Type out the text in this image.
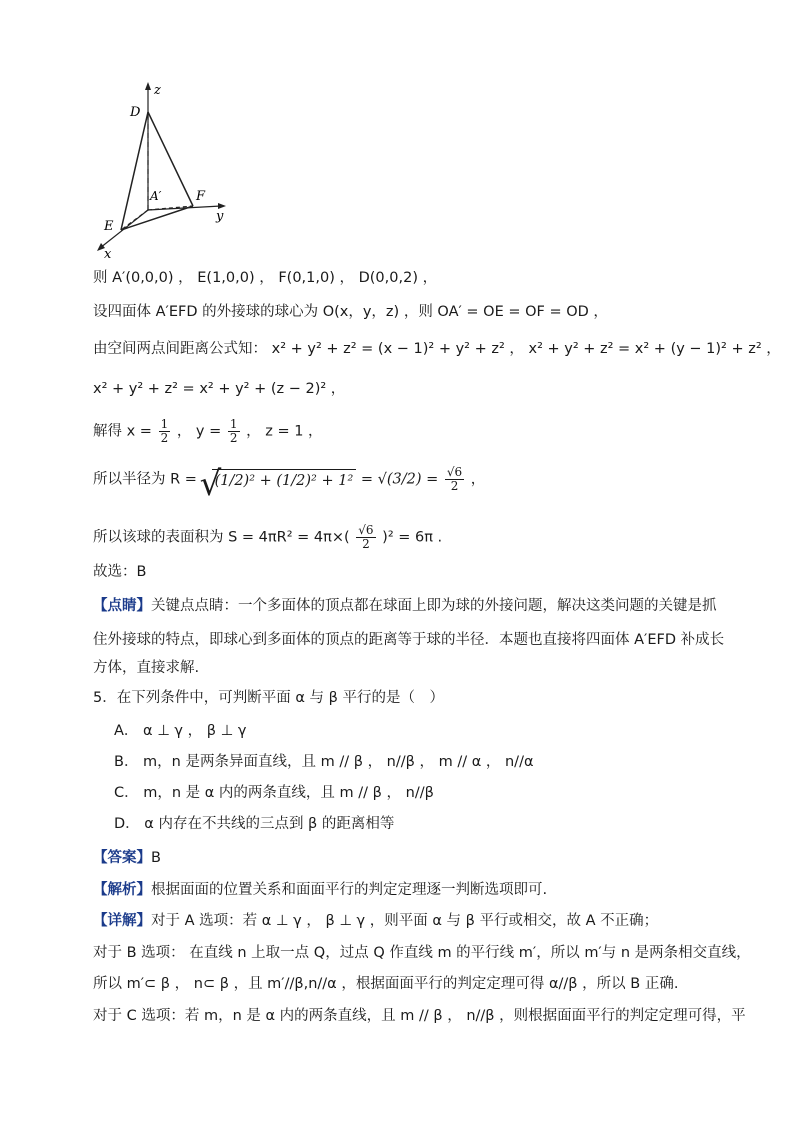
z
D
A′	F
y
E
x
则 A′(0,0,0) ， E(1,0,0) ， F(0,1,0) ， D(0,0,2) ，
设四面体 A′EFD 的外接球的球心为 O(x，y，z) ，则 OA′ = OE = OF = OD ，
由空间两点间距离公式知： x² + y² + z² = (x − 1)² + y² + z² ， x² + y² + z² = x² + (y − 1)² + z² ，
x² + y² + z² = x² + y² + (z − 2)² ，
解得 $x = \frac{1}{2}$ ， $y = \frac{1}{2}$ ， z = 1 ，
所以半径为 R = √ $(1/2)^2 + (1/2)^2 + 1^2 = √(3/2) = \frac{√6}{2}$ ，
所以该球的表面积为 $S = 4\pi R^2 = 4\pi\times( \frac{√6}{2} )^2 = 6\pi$ .
故选：B
【点睛】关键点点睛：一个多面体的顶点都在球面上即为球的外接问题，解决这类问题的关键是抓
住外接球的特点，即球心到多面体的顶点的距离等于球的半径．本题也直接将四面体 A′EFD 补成长
方体，直接求解.
5．在下列条件中，可判断平面 α 与 β 平行的是（　）
A． α ⊥ γ ， β ⊥ γ
B． m，n 是两条异面直线，且 m // β ， n//β ， m // α ， n//α
C． m，n 是 α 内的两条直线，且 m // β ， n//β
D． α 内存在不共线的三点到 β 的距离相等
【答案】B
【解析】根据面面的位置关系和面面平行的判定定理逐一判断选项即可.
【详解】对于 A 选项：若 α ⊥ γ ， β ⊥ γ ，则平面 α 与 β 平行或相交，故 A 不正确；
对于 B 选项： 在直线 n 上取一点 Q，过点 Q 作直线 m 的平行线 m′，所以 m′与 n 是两条相交直线，
所以 m′⊂ β ， n⊂ β ，且 m′//β,n//α ，根据面面平行的判定定理可得 α//β ，所以 B 正确.
对于 C 选项：若 m，n 是 α 内的两条直线，且 m // β ， n//β ，则根据面面平行的判定定理可得，平
